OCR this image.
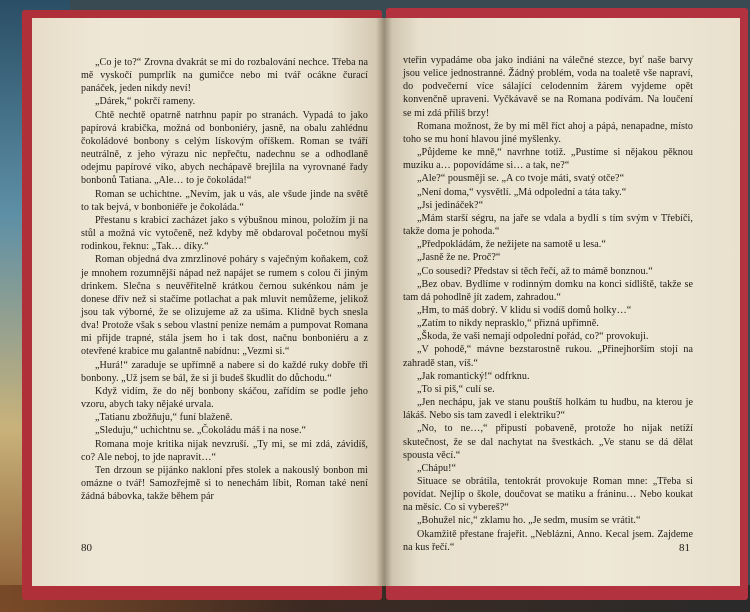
„Co je to?“ Zrovna dvakrát se mi do rozbalování nechce. Třeba na mě vyskočí pumprlík na gumičce nebo mi tvář ocákne čurací panáček, jeden nikdy neví!

„Dárek,“ pokrčí rameny.

Chtě nechtě opatrně natrhnu papír po stranách. Vypadá to jako papírová krabička, možná od bonboniéry, jasně, na obalu zahlédnu čokoládové bonbony s celým lískovým oříškem. Roman se tváří neutrálně, z jeho výrazu nic nepřečtu, nadechnu se a odhodlaně odejmu papírové víko, abych nechápavě brejlila na vyrovnané řady bonbonů Tatiana. „Ale… to je čokoláda!“

Roman se uchichtne. „Nevím, jak u vás, ale všude jinde na světě to tak bejvá, v bonboniéře je čokoláda.“

Přestanu s krabicí zacházet jako s výbušnou minou, položím ji na stůl a možná víc vytočeně, než kdyby mě obdaroval početnou myší rodinkou, řeknu: „Tak… díky.“

Roman objedná dva zmrzlinové poháry s vaječným koňakem, což je mnohem rozumnější nápad než napájet se rumem s colou či jiným drinkem. Slečna s neuvěřitelně krátkou černou sukénkou nám je donese dřív než si stačíme potlachat a pak mluvit nemůžeme, jelikož jsou tak výborné, že se olizujeme až za ušima. Klidně bych snesla dva! Protože však s sebou vlastní peníze nemám a pumpovat Romana mi přijde trapné, stála jsem ho i tak dost, načnu bonboniéru a z otevřené krabice mu galantně nabídnu: „Vezmi si.“

„Hurá!“ zaraduje se upřímně a nabere si do každé ruky dobře tři bonbony. „Už jsem se bál, že si ji budeš škudlit do důchodu.“

Když vidím, že do něj bonbony skáčou, zařídím se podle jeho vzoru, abych taky nějaké urvala.

„Tatianu zbožňuju,“ funí blaženě.

„Sleduju,“ uchichtnu se. „Čokoládu máš i na nose.“

Romana moje kritika nijak nevzruší. „Ty mi, se mi zdá, závidíš, co? Ale neboj, to jde napravit…“

Ten drzoun se pijánko nakloní přes stolek a nakouslý bonbon mi omázne o tvář! Samozřejmě si to nenechám líbit, Roman také není žádná bábovka, takže během pár

80

vteřin vypadáme oba jako indiáni na válečné stezce, byť naše barvy jsou velice jednostranné. Žádný problém, voda na toaletě vše napraví, do podvečerní více sálající celodenním žárem vyjdeme opět konvenčně upraveni. Vyčkávavě se na Romana podívám. Na loučení se mi zdá příliš brzy!

Romana možnost, že by mi měl říct ahoj a pápá, nenapadne, místo toho se mu honí hlavou jiné myšlenky.

„Půjdeme ke mně,“ navrhne totiž. „Pustíme si nějakou pěknou muziku a… popovídáme si… a tak, ne?“

„Ale?“ pousměji se. „A co tvoje máti, svatý otče?“

„Není doma,“ vysvětlí. „Má odpolední a táta taky.“

„Jsi jedináček?“

„Mám starší ségru, na jaře se vdala a bydlí s tím svým v Třebíči, takže doma je pohoda.“

„Předpokládám, že nežijete na samotě u lesa.“

„Jasně že ne. Proč?“

„Co sousedi? Představ si těch řečí, až to mámě bonznou.“

„Bez obav. Bydlíme v rodinným domku na konci sídliště, takže se tam dá pohodlně jít zadem, zahradou.“

„Hm, to máš dobrý. V klidu si vodíš domů holky…“

„Zatím to nikdy neprasklo,“ přizná upřímně.

„Škoda, že vaši nemají odpolední pořád, co?“ provokuji.

„V pohodě,“ mávne bezstarostně rukou. „Přinejhorším stojí na zahradě stan, víš.“

„Jak romantický!“ odfrknu.

„To si piš,“ culí se.

„Jen nechápu, jak ve stanu pouštíš holkám tu hudbu, na kterou je lákáš. Nebo sis tam zavedl i elektriku?“

„No, to ne…,“ připustí pobaveně, protože ho nijak netíží skutečnost, že se dal nachytat na švestkách. „Ve stanu se dá dělat spousta věcí.“

„Chápu!“

Situace se obrátila, tentokrát provokuje Roman mne: „Třeba si povídat. Nejlíp o škole, doučovat se matiku a fráninu… Nebo koukat na měsíc. Co si vybereš?“

„Bohužel nic,“ zklamu ho. „Je sedm, musím se vrátit.“

Okamžitě přestane frajeřit. „Neblázni, Anno. Kecal jsem. Zajdeme na kus řečí.“	81
